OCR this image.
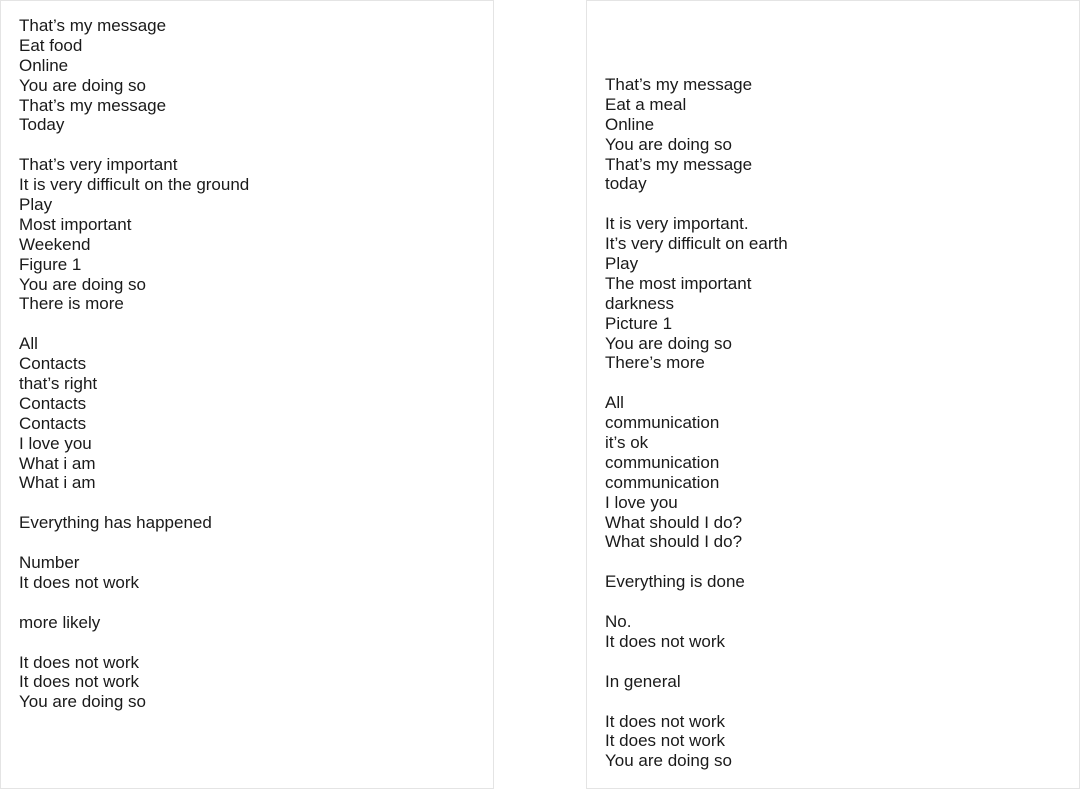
That’s my message
Eat food
Online
You are doing so
That’s my message
Today
That’s very important
It is very difficult on the ground
Play
Most important
Weekend
Figure 1
You are doing so
There is more
All
Contacts
that’s right
Contacts
Contacts
I love you
What i am
What i am
Everything has happened
Number
It does not work
more likely
It does not work
It does not work
You are doing so
That’s my message
Eat a meal
Online
You are doing so
That’s my message
today
It is very important.
It’s very difficult on earth
Play
The most important
darkness
Picture 1
You are doing so
There’s more
All
communication
it’s ok
communication
communication
I love you
What should I do?
What should I do?
Everything is done
No.
It does not work
In general
It does not work
It does not work
You are doing so
